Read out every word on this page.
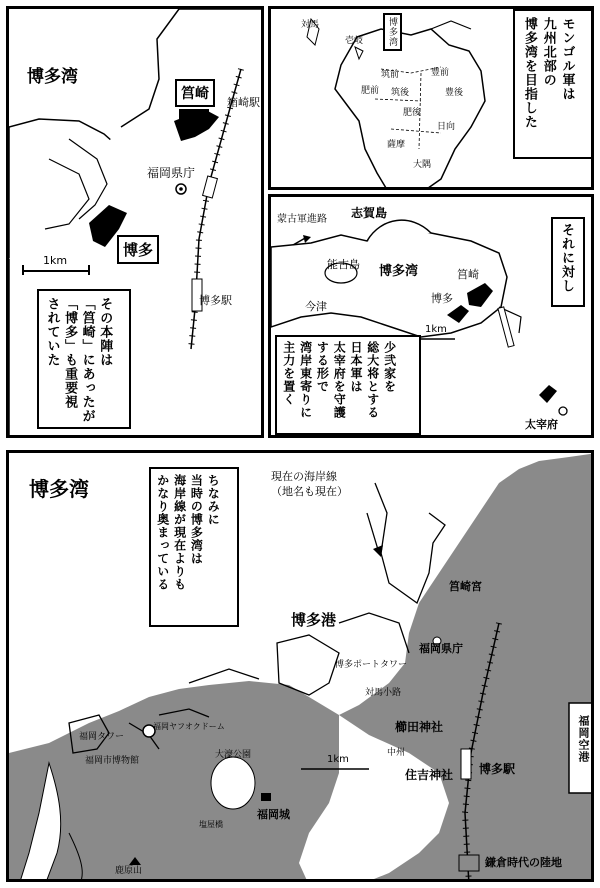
博多湾
筥崎
箱崎駅
福岡県庁
博多
博多駅
1km
その本陣は
「筥崎」にあったが
「博多」も重要視
されていた
対馬
壱岐	博多湾
筑前
筑後
肥前
豊前
豊後
肥後
日向
薩摩
大隅
モンゴル軍は
九州北部の
博多湾を目指した
蒙古軍進路 志賀島
能古島 博多湾	筥崎
博多
今津
1km
太宰府
それに対し
少弐家を
総大将とする
日本軍は
太宰府を守護
する形で
湾岸東寄りに
主力を置く
博多湾
現在の海岸線
（地名も現在）
ちなみに
当時の博多湾は
海岸線が現在よりも
かなり奥まっている
博多港
筥崎宮
福岡県庁
博多ポートタワー
対馬小路
櫛田神社
中州
住吉神社 博多駅
福岡空港
福岡タワー
福岡市博物館
福岡ヤフオクドーム
大濠公園
福岡城
塩屋橋
鹿原山
1km
鎌倉時代の陸地
